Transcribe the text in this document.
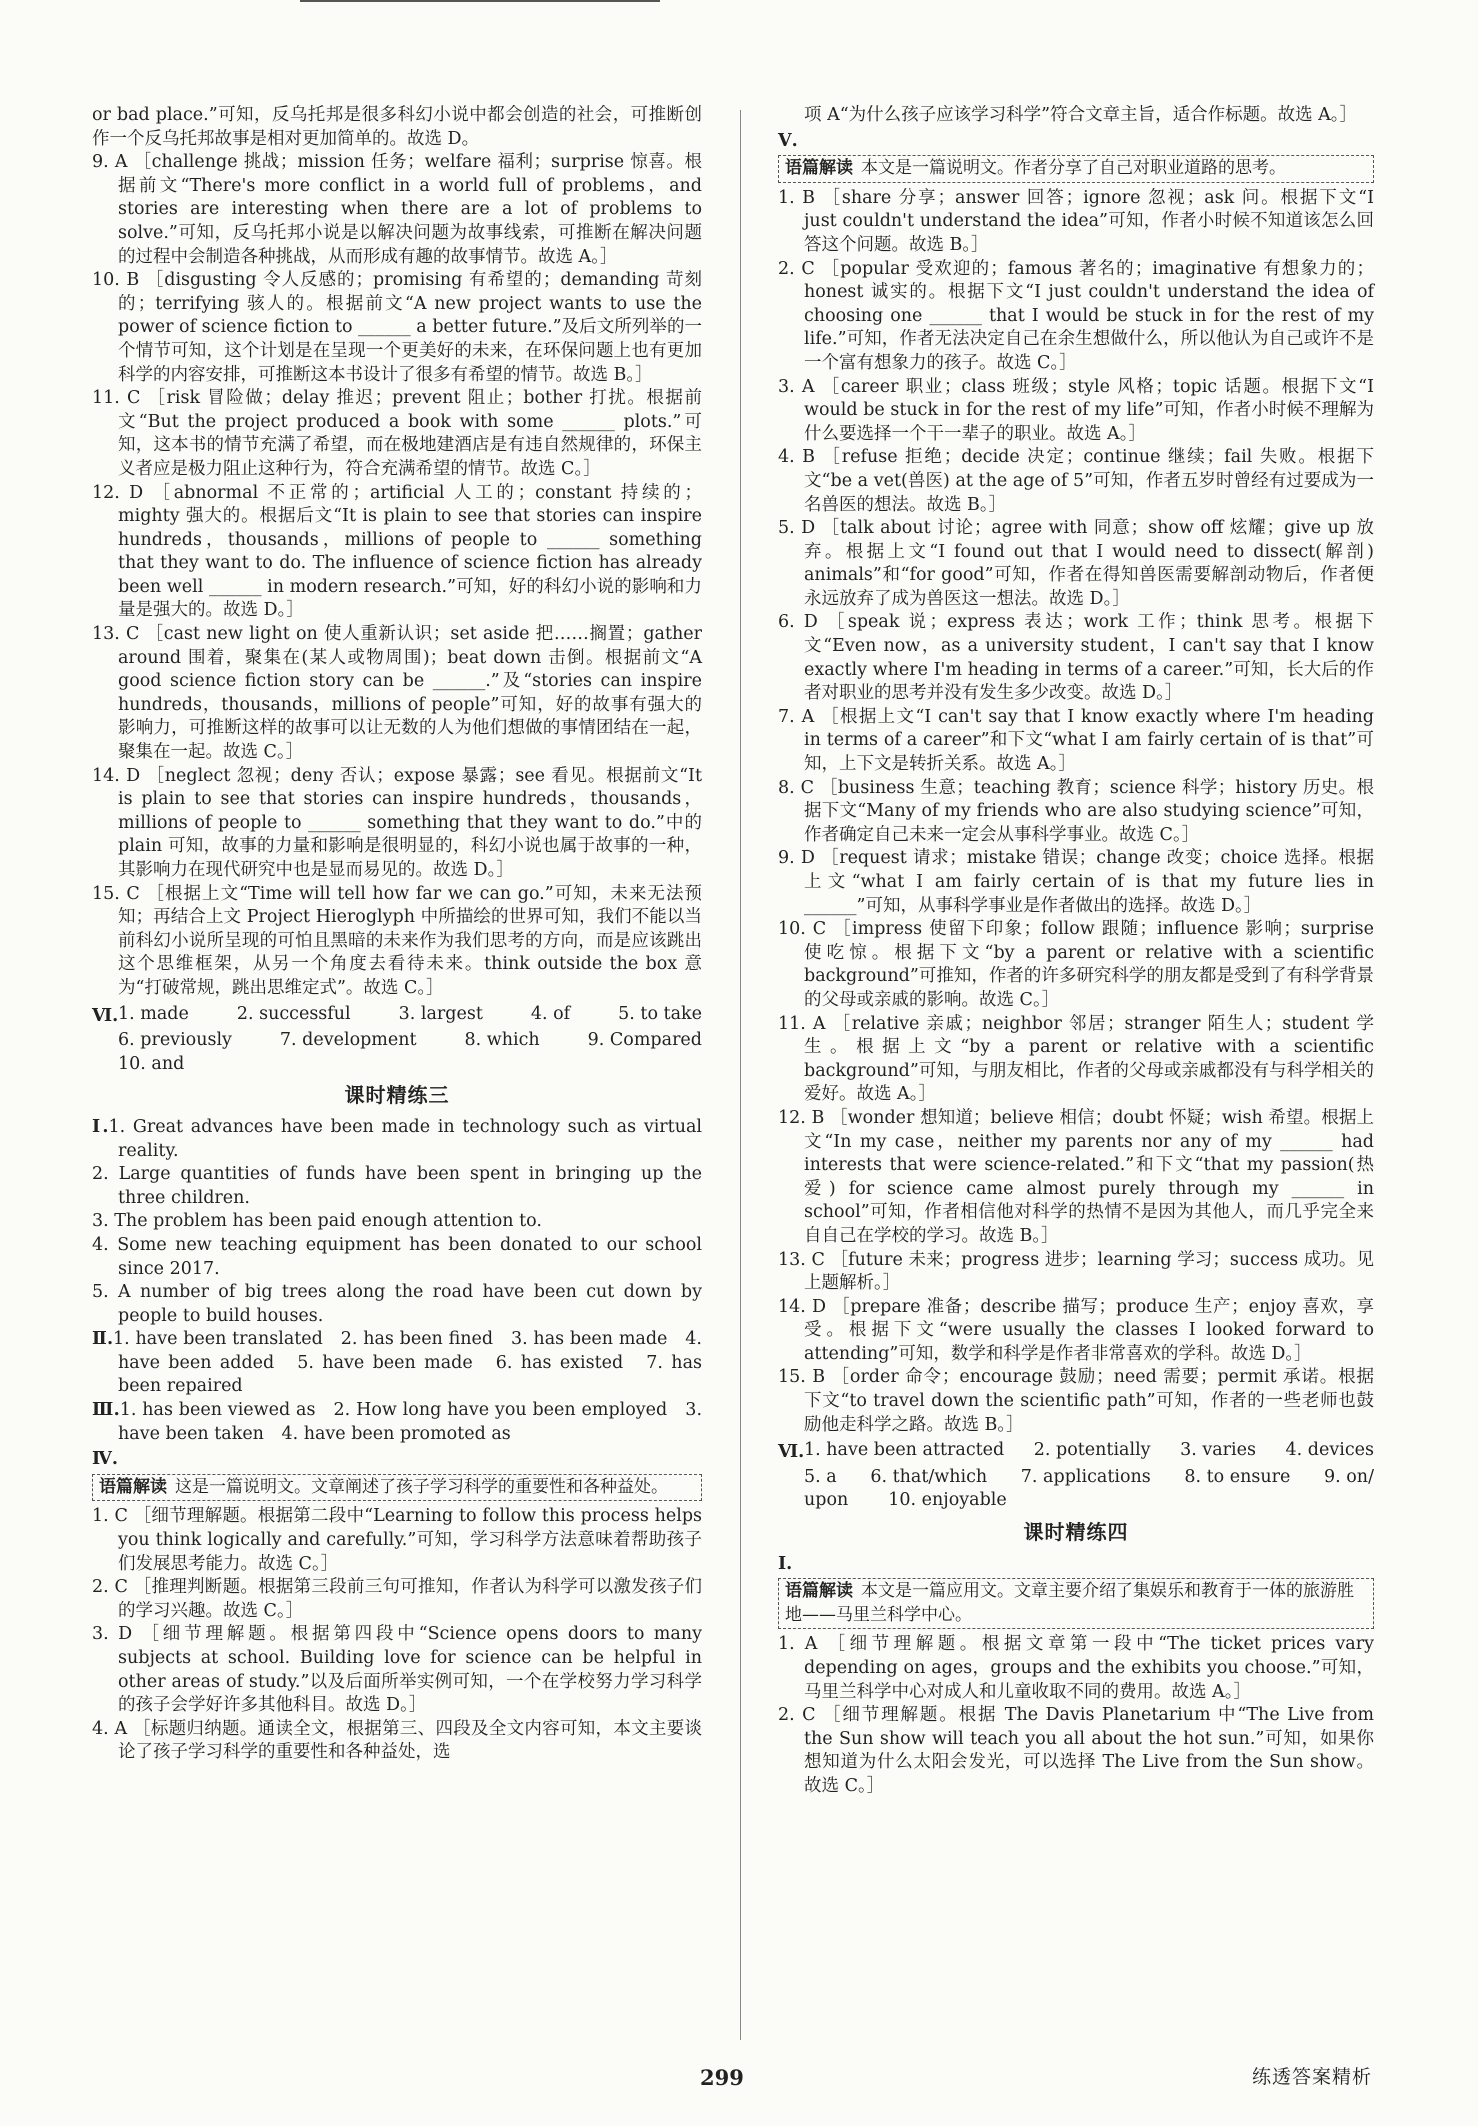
or bad place.”可知，反乌托邦是很多科幻小说中都会创造的社会，可推断创作一个反乌托邦故事是相对更加简单的。故选 D。

9. A ［challenge 挑战；mission 任务；welfare 福利；surprise 惊喜。根据前文“There's more conflict in a world full of problems，and stories are interesting when there are a lot of problems to solve.”可知，反乌托邦小说是以解决问题为故事线索，可推断在解决问题的过程中会制造各种挑战，从而形成有趣的故事情节。故选 A。］

10. B ［disgusting 令人反感的；promising 有希望的；demanding 苛刻的；terrifying 骇人的。根据前文“A new project wants to use the power of science fiction to ______ a better future.”及后文所列举的一个情节可知，这个计划是在呈现一个更美好的未来，在环保问题上也有更加科学的内容安排，可推断这本书设计了很多有希望的情节。故选 B。］

11. C ［risk 冒险做；delay 推迟；prevent 阻止；bother 打扰。根据前文“But the project produced a book with some ______ plots.”可知，这本书的情节充满了希望，而在极地建酒店是有违自然规律的，环保主义者应是极力阻止这种行为，符合充满希望的情节。故选 C。］

12. D ［abnormal 不正常的；artificial 人工的；constant 持续的；mighty 强大的。根据后文“It is plain to see that stories can inspire hundreds，thousands，millions of people to ______ something that they want to do. The influence of science fiction has already been well ______ in modern research.”可知，好的科幻小说的影响和力量是强大的。故选 D。］

13. C ［cast new light on 使人重新认识；set aside 把……搁置；gather around 围着，聚集在(某人或物周围)；beat down 击倒。根据前文“A good science fiction story can be ______.”及“stories can inspire hundreds，thousands，millions of people”可知，好的故事有强大的影响力，可推断这样的故事可以让无数的人为他们想做的事情团结在一起，聚集在一起。故选 C。］

14. D ［neglect 忽视；deny 否认；expose 暴露；see 看见。根据前文“It is plain to see that stories can inspire hundreds，thousands，millions of people to ______ something that they want to do.”中的 plain 可知，故事的力量和影响是很明显的，科幻小说也属于故事的一种，其影响力在现代研究中也是显而易见的。故选 D。］

15. C ［根据上文“Time will tell how far we can go.”可知，未来无法预知；再结合上文 Project Hieroglyph 中所描绘的世界可知，我们不能以当前科幻小说所呈现的可怕且黑暗的未来作为我们思考的方向，而是应该跳出这个思维框架，从另一个角度去看待未来。think outside the box 意为“打破常规，跳出思维定式”。故选 C。］

Ⅵ. 1. made	2. successful	3. largest	4. of	5. to take
6. previously	7. development	8. which	9. Compared
10. and
课时精练三

Ⅰ.1. Great advances have been made in technology such as virtual reality.

2. Large quantities of funds have been spent in bringing up the three children.

3. The problem has been paid enough attention to.

4. Some new teaching equipment has been donated to our school since 2017.

5. A number of big trees along the road have been cut down by people to build houses.

Ⅱ.1. have been translated　2. has been fined　3. has been made　4. have been added　5. have been made　6. has existed　7. has been repaired

Ⅲ.1. has been viewed as　2. How long have you been employed　3. have been taken　4. have been promoted as

Ⅳ.
语篇解读 这是一篇说明文。文章阐述了孩子学习科学的重要性和各种益处。

1. C ［细节理解题。根据第二段中“Learning to follow this process helps you think logically and carefully.”可知，学习科学方法意味着帮助孩子们发展思考能力。故选 C。］

2. C ［推理判断题。根据第三段前三句可推知，作者认为科学可以激发孩子们的学习兴趣。故选 C。］

3. D ［细节理解题。根据第四段中“Science opens doors to many subjects at school. Building love for science can be helpful in other areas of study.”以及后面所举实例可知，一个在学校努力学习科学的孩子会学好许多其他科目。故选 D。］

4. A ［标题归纳题。通读全文，根据第三、四段及全文内容可知，本文主要谈论了孩子学习科学的重要性和各种益处，选

项 A“为什么孩子应该学习科学”符合文章主旨，适合作标题。故选 A。］

Ⅴ.
语篇解读 本文是一篇说明文。作者分享了自己对职业道路的思考。

1. B ［share 分享；answer 回答；ignore 忽视；ask 问。根据下文“I just couldn't understand the idea”可知，作者小时候不知道该怎么回答这个问题。故选 B。］

2. C ［popular 受欢迎的；famous 著名的；imaginative 有想象力的；honest 诚实的。根据下文“I just couldn't understand the idea of choosing one ______ that I would be stuck in for the rest of my life.”可知，作者无法决定自己在余生想做什么，所以他认为自己或许不是一个富有想象力的孩子。故选 C。］

3. A ［career 职业；class 班级；style 风格；topic 话题。根据下文“I would be stuck in for the rest of my life”可知，作者小时候不理解为什么要选择一个干一辈子的职业。故选 A。］

4. B ［refuse 拒绝；decide 决定；continue 继续；fail 失败。根据下文“be a vet(兽医) at the age of 5”可知，作者五岁时曾经有过要成为一名兽医的想法。故选 B。］

5. D ［talk about 讨论；agree with 同意；show off 炫耀；give up 放弃。根据上文“I found out that I would need to dissect(解剖) animals”和“for good”可知，作者在得知兽医需要解剖动物后，作者便永远放弃了成为兽医这一想法。故选 D。］

6. D ［speak 说；express 表达；work 工作；think 思考。根据下文“Even now，as a university student，I can't say that I know exactly where I'm heading in terms of a career.”可知，长大后的作者对职业的思考并没有发生多少改变。故选 D。］

7. A ［根据上文“I can't say that I know exactly where I'm heading in terms of a career”和下文“what I am fairly certain of is that”可知，上下文是转折关系。故选 A。］

8. C ［business 生意；teaching 教育；science 科学；history 历史。根据下文“Many of my friends who are also studying science”可知，作者确定自己未来一定会从事科学事业。故选 C。］

9. D ［request 请求；mistake 错误；change 改变；choice 选择。根据上文“what I am fairly certain of is that my future lies in ______”可知，从事科学事业是作者做出的选择。故选 D。］

10. C ［impress 使留下印象；follow 跟随；influence 影响；surprise 使吃惊。根据下文“by a parent or relative with a scientific background”可推知，作者的许多研究科学的朋友都是受到了有科学背景的父母或亲戚的影响。故选 C。］

11. A ［relative 亲戚；neighbor 邻居；stranger 陌生人；student 学生。根据上文“by a parent or relative with a scientific background”可知，与朋友相比，作者的父母或亲戚都没有与科学相关的爱好。故选 A。］

12. B ［wonder 想知道；believe 相信；doubt 怀疑；wish 希望。根据上文“In my case，neither my parents nor any of my ______ had interests that were science-related.”和下文“that my passion(热爱) for science came almost purely through my ______ in school”可知，作者相信他对科学的热情不是因为其他人，而几乎完全来自自己在学校的学习。故选 B。］

13. C ［future 未来；progress 进步；learning 学习；success 成功。见上题解析。］

14. D ［prepare 准备；describe 描写；produce 生产；enjoy 喜欢，享受。根据下文“were usually the classes I looked forward to attending”可知，数学和科学是作者非常喜欢的学科。故选 D。］

15. B ［order 命令；encourage 鼓励；need 需要；permit 承诺。根据下文“to travel down the scientific path”可知，作者的一些老师也鼓励他走科学之路。故选 B。］

Ⅵ. 1. have been attracted 2. potentially 3. varies 4. devices
5. a 6. that/which 7. applications 8. to ensure 9. on/
upon 10. enjoyable
课时精练四
Ⅰ.
语篇解读 本文是一篇应用文。文章主要介绍了集娱乐和教育于一体的旅游胜地——马里兰科学中心。

1. A ［细节理解题。根据文章第一段中“The ticket prices vary depending on ages，groups and the exhibits you choose.”可知，马里兰科学中心对成人和儿童收取不同的费用。故选 A。］

2. C ［细节理解题。根据 The Davis Planetarium 中“The Live from the Sun show will teach you all about the hot sun.”可知，如果你想知道为什么太阳会发光，可以选择 The Live from the Sun show。故选 C。］

299	练透答案精析
